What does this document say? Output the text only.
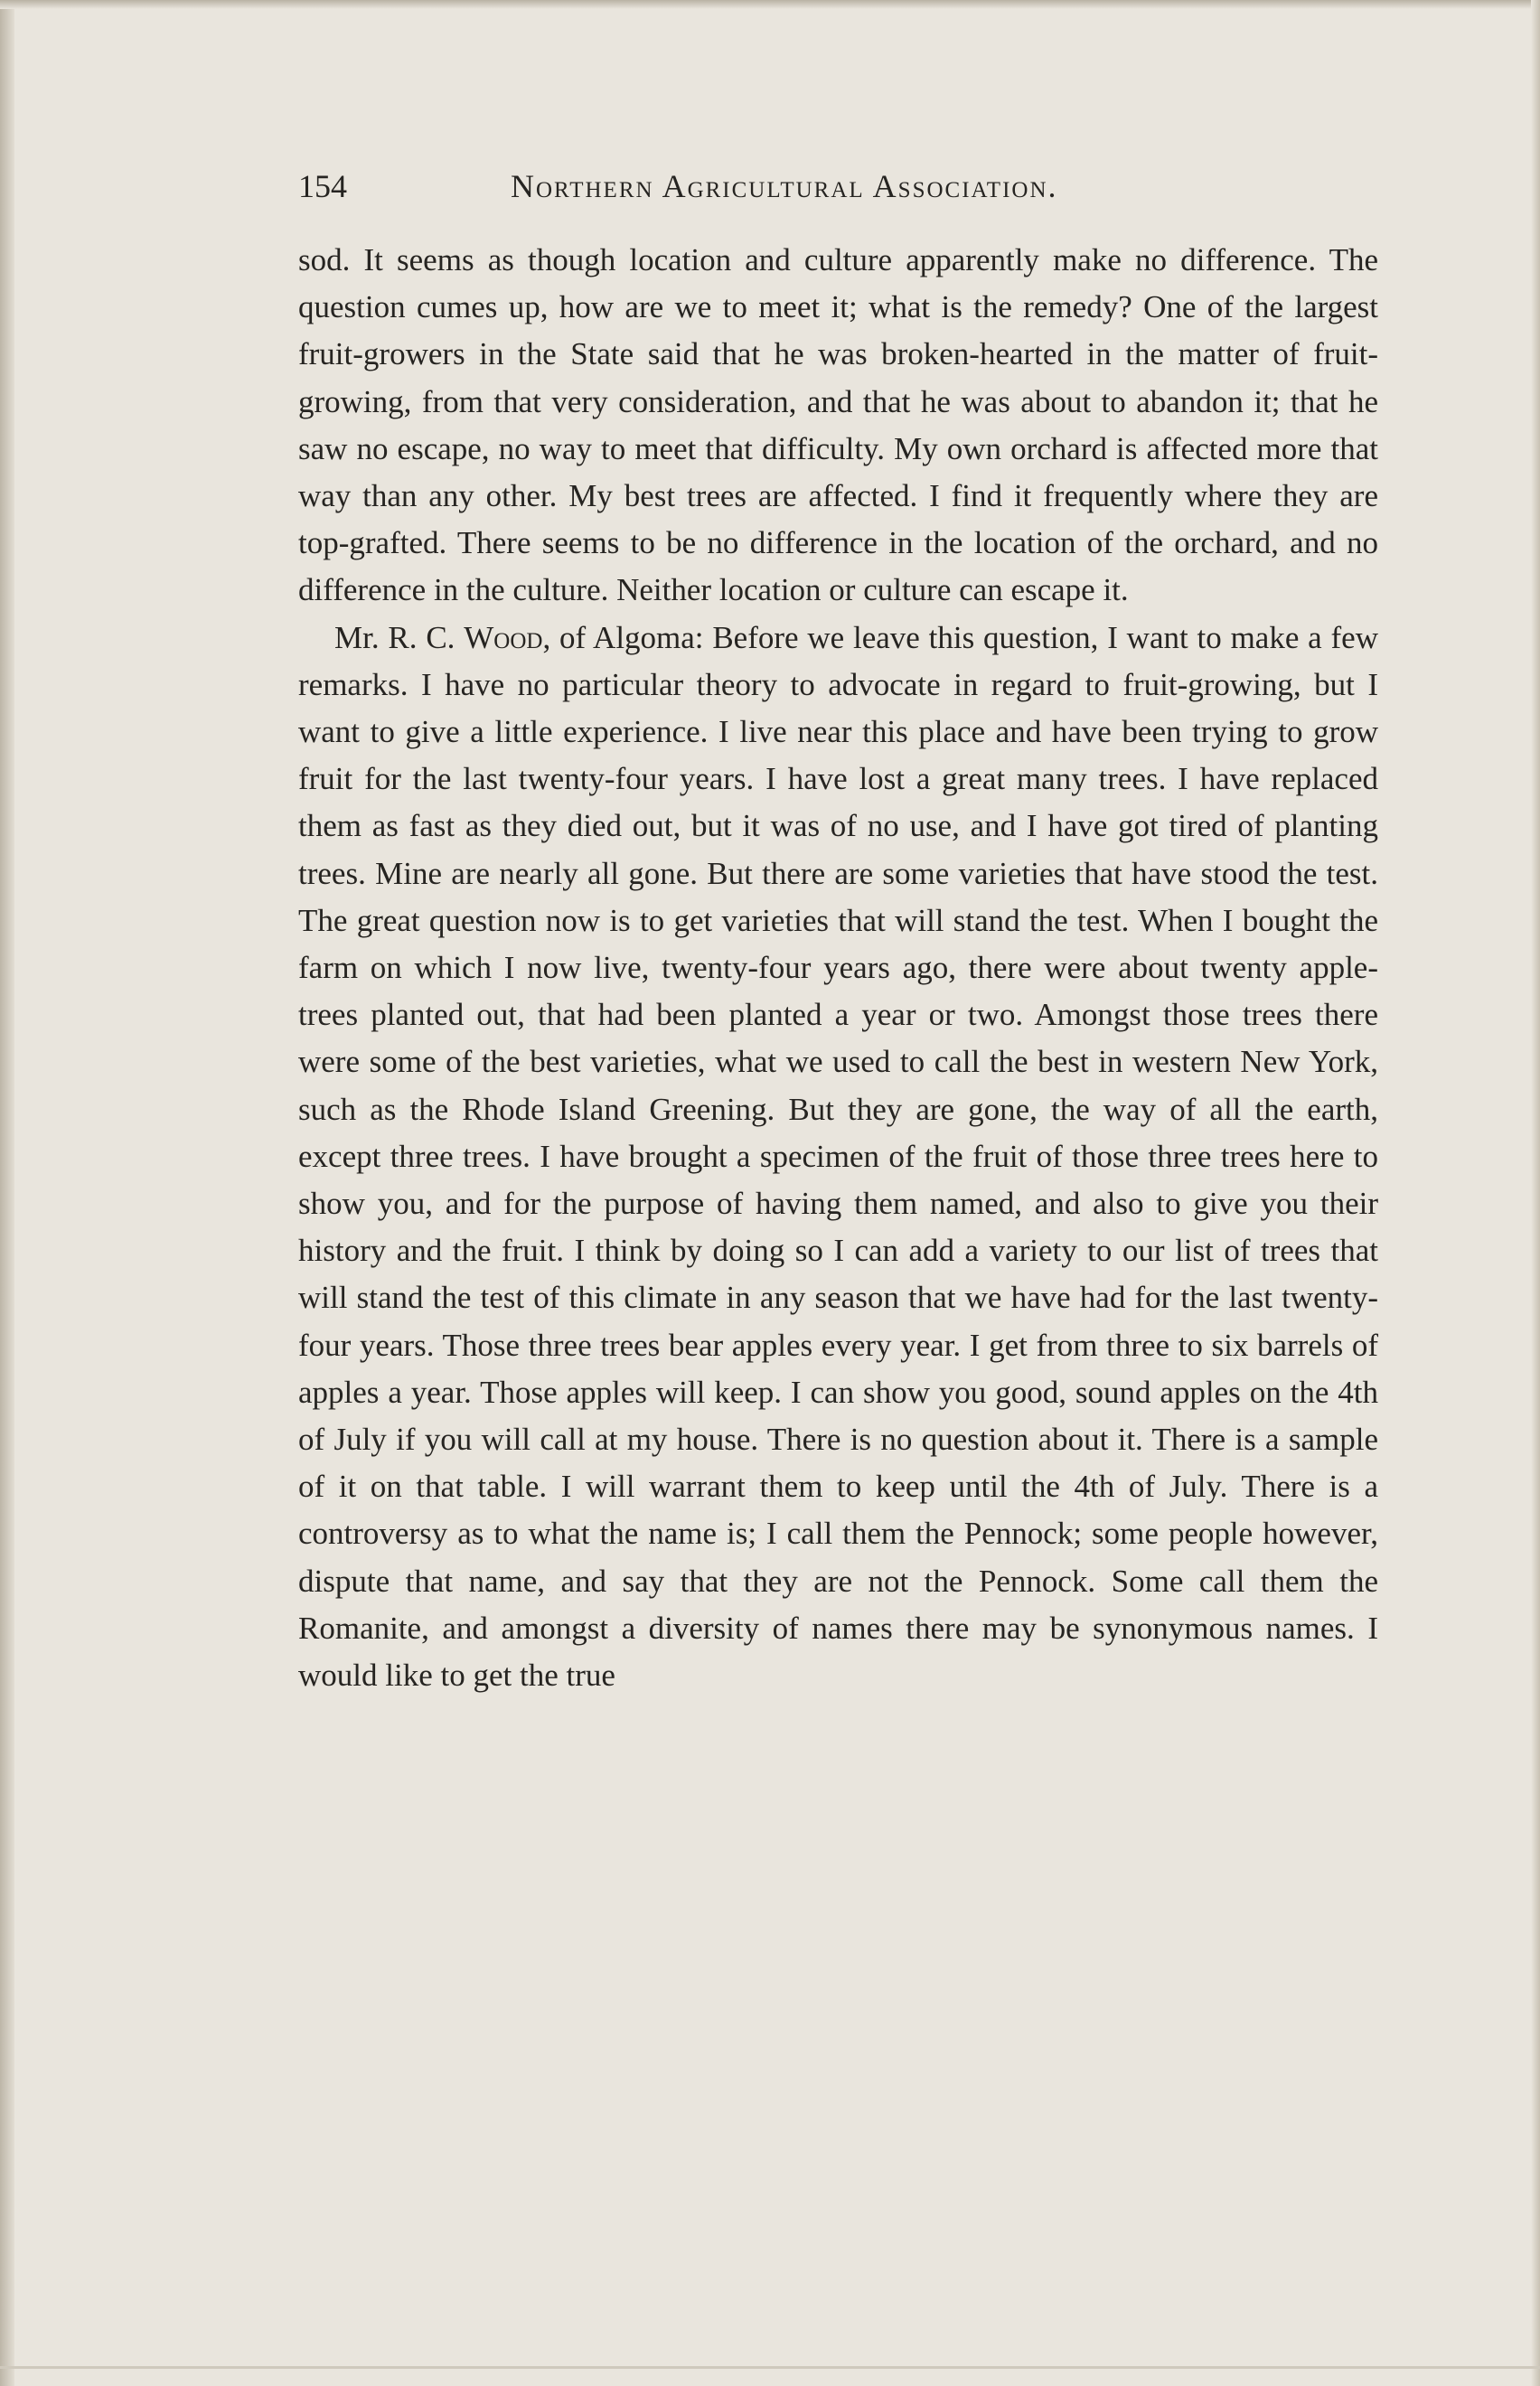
154	Northern Agricultural Association.

sod. It seems as though location and culture apparently make no difference. The question cumes up, how are we to meet it; what is the remedy? One of the largest fruit-growers in the State said that he was broken-hearted in the matter of fruit-growing, from that very consideration, and that he was about to abandon it; that he saw no escape, no way to meet that difficulty. My own orchard is affected more that way than any other. My best trees are affected. I find it frequently where they are top-grafted. There seems to be no difference in the location of the orchard, and no difference in the culture. Neither location or culture can escape it.

Mr. R. C. Wood, of Algoma: Before we leave this question, I want to make a few remarks. I have no particular theory to advocate in regard to fruit-growing, but I want to give a little experience. I live near this place and have been trying to grow fruit for the last twenty-four years. I have lost a great many trees. I have replaced them as fast as they died out, but it was of no use, and I have got tired of planting trees. Mine are nearly all gone. But there are some varieties that have stood the test. The great question now is to get varieties that will stand the test. When I bought the farm on which I now live, twenty-four years ago, there were about twenty apple-trees planted out, that had been planted a year or two. Amongst those trees there were some of the best varieties, what we used to call the best in western New York, such as the Rhode Island Greening. But they are gone, the way of all the earth, except three trees. I have brought a specimen of the fruit of those three trees here to show you, and for the purpose of having them named, and also to give you their history and the fruit. I think by doing so I can add a variety to our list of trees that will stand the test of this climate in any season that we have had for the last twenty-four years. Those three trees bear apples every year. I get from three to six barrels of apples a year. Those apples will keep. I can show you good, sound apples on the 4th of July if you will call at my house. There is no question about it. There is a sample of it on that table. I will warrant them to keep until the 4th of July. There is a controversy as to what the name is; I call them the Pennock; some people however, dispute that name, and say that they are not the Pennock. Some call them the Romanite, and amongst a diversity of names there may be synonymous names. I would like to get the true
